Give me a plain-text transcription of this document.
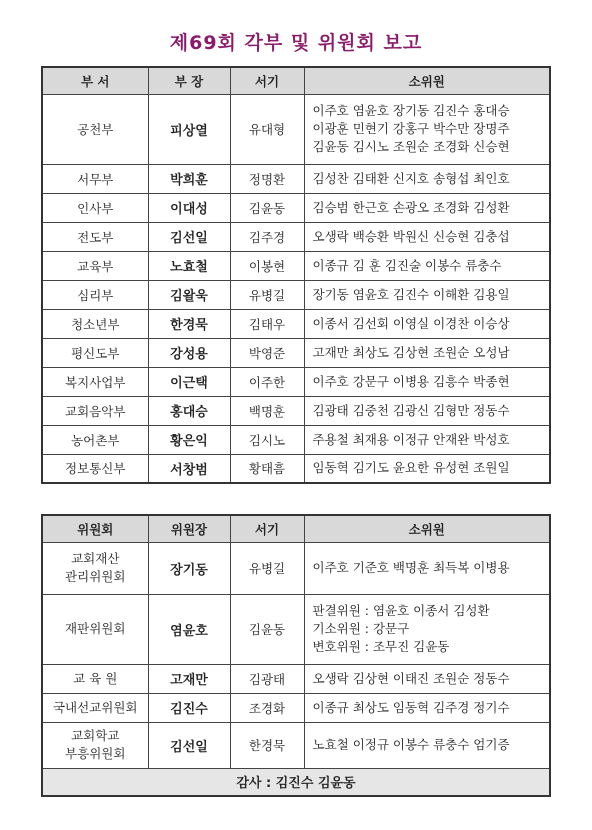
제69회 각부 및 위원회 보고
부 서	부 장	서기	소위원
공천부	피상열	유대형	이주호 염윤호 장기동 김진수 홍대승
이광훈 민현기 강홍구 박수만 장명주
김윤동 김시노 조원순 조경화 신승현

서무부	박희훈	정명환	김성찬 김태환 신지호 송형섭 최인호

인사부	이대성	김윤동	김승범 한근호 손광오 조경화 김성환

전도부	김선일	김주경	오생락 백승환 박원신 신승현 김충섭

교육부	노효철	이봉현	이종규 김 훈 김진술 이봉수 류충수

심리부	김왈욱	유병길	장기동 염윤호 김진수 이해환 김용일

청소년부	한경묵	김태우	이종서 김선회 이영실 이경찬 이승상

평신도부	강성용	박영준	고재만 최상도 김상현 조원순 오성남

복지사업부	이근택	이주한	이주호 강문구 이병용 김흥수 박종현

교회음악부	홍대승	백명훈	김광태 김중천 김광신 김형만 정동수

농어촌부	황은익	김시노	주용철 최재용 이정규 안재완 박성호

정보통신부	서창범	황태흠	임동혁 김기도 윤요한 유성현 조원일
위원회	위원장	서기	소위원

교회재산
관리위원회	장기동	유병길	이주호 기준호 백명훈 최득복 이병용

재판위원회	염윤호	김윤동	판결위원 : 염윤호 이종서 김성환
기소위원 : 강문구
변호위원 : 조무진 김윤동

교 육 원	고재만	김광태	오생락 김상현 이태진 조원순 정동수

국내선교위원회	김진수	조경화	이종규 최상도 임동혁 김주경 정기수

교회학교
부흥위원회	김선일	한경묵	노효철 이정규 이봉수 류충수 엄기증

감사 : 김진수 김윤동			
